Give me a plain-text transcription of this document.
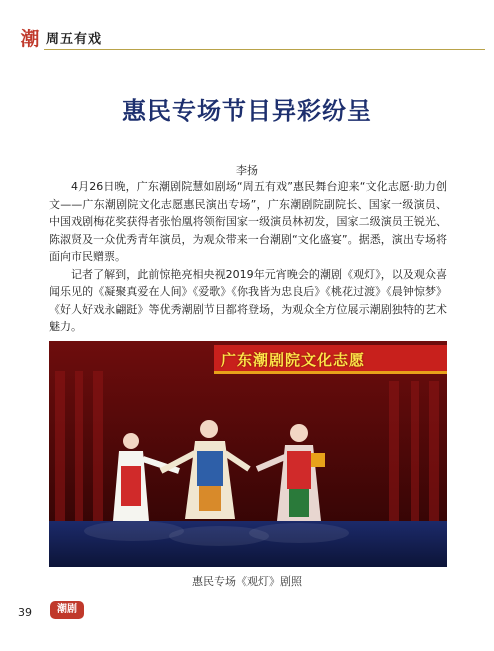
潮 周五有戏
惠民专场节目异彩纷呈
李扬

4月26日晚，广东潮剧院慧如剧场“周五有戏”惠民舞台迎来“文化志愿·助力创文——广东潮剧院文化志愿惠民演出专场”，广东潮剧院副院长、国家一级演员、中国戏剧梅花奖获得者张怡凰将领衔国家一级演员林初发，国家二级演员王锐光、陈淑贤及一众优秀青年演员，为观众带来一台潮剧“文化盛宴”。据悉，演出专场将面向市民赠票。

记者了解到，此前惊艳亮相央视2019年元宵晚会的潮剧《观灯》，以及观众喜闻乐见的《凝聚真爱在人间》《爱歌》《你我皆为忠良后》《桃花过渡》《晨钟惊梦》《好人好戏永翩跹》等优秀潮剧节目都将登场，为观众全方位展示潮剧独特的艺术魅力。

广东潮剧院文化志愿
惠民专场《观灯》剧照
39	潮剧
